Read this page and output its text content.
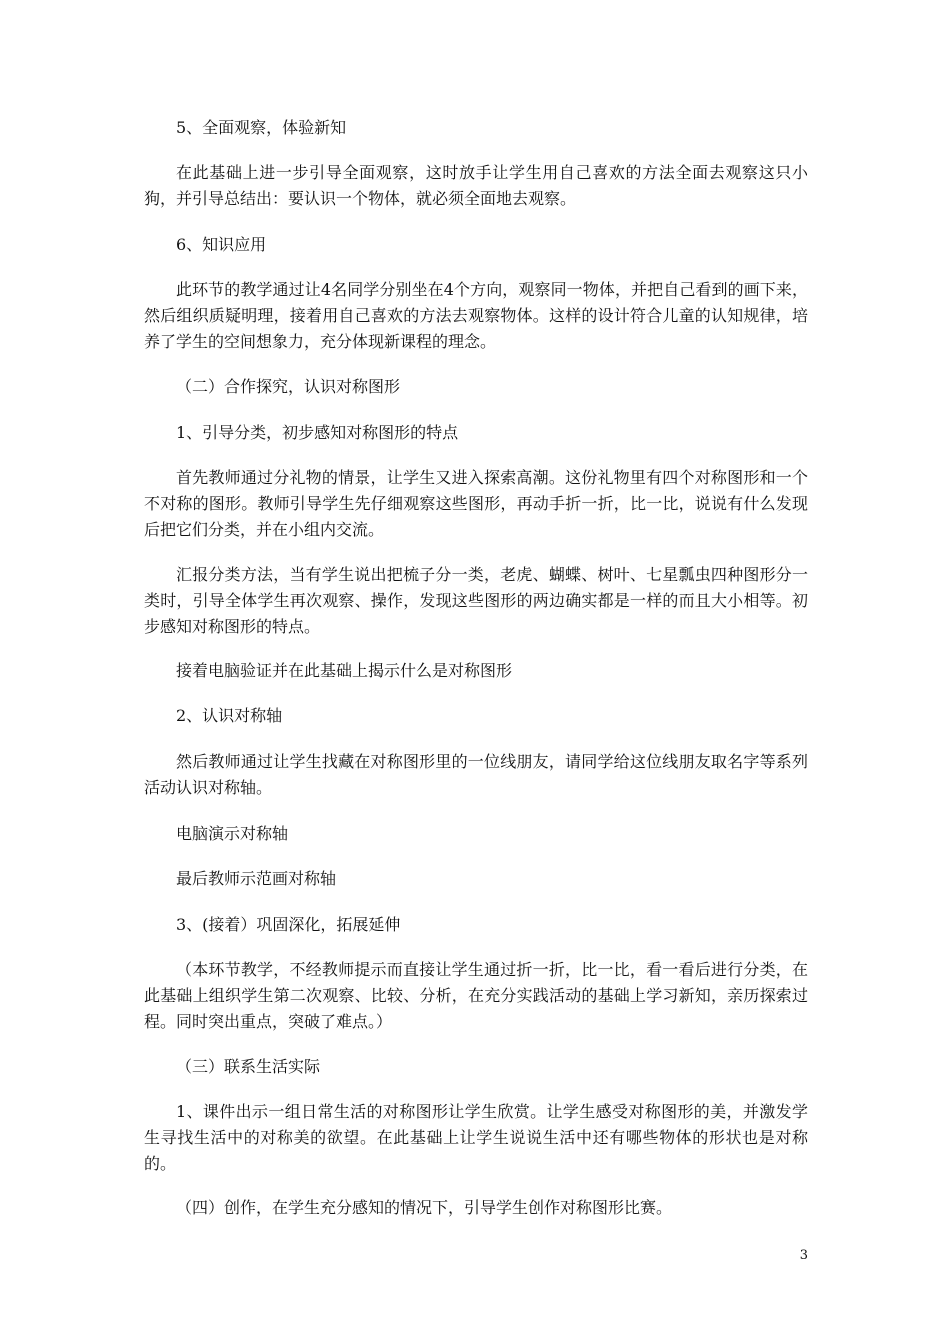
5、全面观察，体验新知

在此基础上进一步引导全面观察，这时放手让学生用自己喜欢的方法全面去观察这只小狗，并引导总结出：要认识一个物体，就必须全面地去观察。

6、知识应用

此环节的教学通过让4名同学分别坐在4个方向，观察同一物体，并把自己看到的画下来，然后组织质疑明理，接着用自己喜欢的方法去观察物体。这样的设计符合儿童的认知规律，培养了学生的空间想象力，充分体现新课程的理念。

（二）合作探究，认识对称图形

1、引导分类，初步感知对称图形的特点

首先教师通过分礼物的情景，让学生又进入探索高潮。这份礼物里有四个对称图形和一个不对称的图形。教师引导学生先仔细观察这些图形，再动手折一折，比一比，说说有什么发现后把它们分类，并在小组内交流。

汇报分类方法，当有学生说出把梳子分一类，老虎、蝴蝶、树叶、七星瓢虫四种图形分一类时，引导全体学生再次观察、操作，发现这些图形的两边确实都是一样的而且大小相等。初步感知对称图形的特点。

接着电脑验证并在此基础上揭示什么是对称图形

2、认识对称轴

然后教师通过让学生找藏在对称图形里的一位线朋友，请同学给这位线朋友取名字等系列活动认识对称轴。

电脑演示对称轴

最后教师示范画对称轴

3、(接着）巩固深化，拓展延伸

（本环节教学，不经教师提示而直接让学生通过折一折，比一比，看一看后进行分类，在此基础上组织学生第二次观察、比较、分析，在充分实践活动的基础上学习新知，亲历探索过程。同时突出重点，突破了难点。）

（三）联系生活实际

1、课件出示一组日常生活的对称图形让学生欣赏。让学生感受对称图形的美，并激发学生寻找生活中的对称美的欲望。在此基础上让学生说说生活中还有哪些物体的形状也是对称的。

（四）创作，在学生充分感知的情况下，引导学生创作对称图形比赛。

3
